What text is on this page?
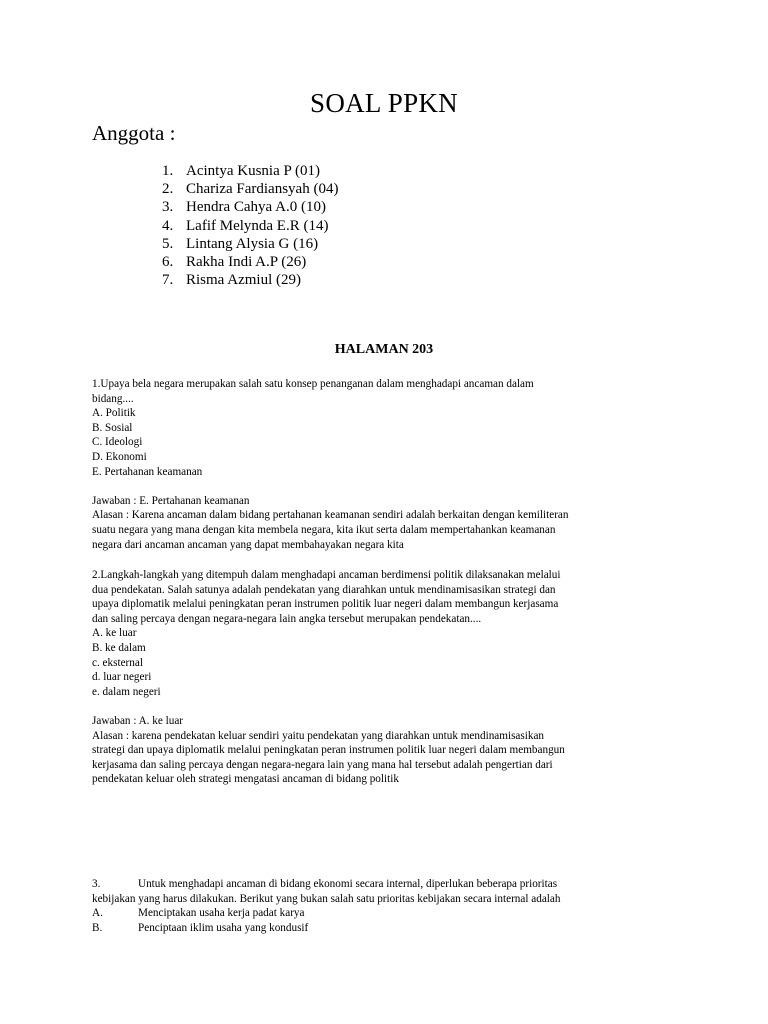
SOAL PPKN
Anggota :
1. Acintya Kusnia P (01)
2. Chariza Fardiansyah (04)
3. Hendra Cahya A.0 (10)
4. Lafif Melynda E.R (14)
5. Lintang Alysia G (16)
6. Rakha Indi A.P (26)
7. Risma Azmiul (29)
HALAMAN 203

1.Upaya bela negara merupakan salah satu konsep penanganan dalam menghadapi ancaman dalam

bidang....

A. Politik

B. Sosial

C. Ideologi

D. Ekonomi

E. Pertahanan keamanan

Jawaban : E. Pertahanan keamanan

Alasan : Karena ancaman dalam bidang pertahanan keamanan sendiri adalah berkaitan dengan kemiliteran

suatu negara yang mana dengan kita membela negara, kita ikut serta dalam mempertahankan keamanan

negara dari ancaman ancaman yang dapat membahayakan negara kita

2.Langkah-langkah yang ditempuh dalam menghadapi ancaman berdimensi politik dilaksanakan melalui

dua pendekatan. Salah satunya adalah pendekatan yang diarahkan untuk mendinamisasikan strategi dan

upaya diplomatik melalui peningkatan peran instrumen politik luar negeri dalam membangun kerjasama

dan saling percaya dengan negara-negara lain angka tersebut merupakan pendekatan....

A. ke luar

B. ke dalam

c. eksternal

d. luar negeri

e. dalam negeri

Jawaban : A. ke luar

Alasan : karena pendekatan keluar sendiri yaitu pendekatan yang diarahkan untuk mendinamisasikan

strategi dan upaya diplomatik melalui peningkatan peran instrumen politik luar negeri dalam membangun

kerjasama dan saling percaya dengan negara-negara lain yang mana hal tersebut adalah pengertian dari

pendekatan keluar oleh strategi mengatasi ancaman di bidang politik

3.	Untuk menghadapi ancaman di bidang ekonomi secara internal, diperlukan beberapa prioritas

kebijakan yang harus dilakukan. Berikut yang bukan salah satu prioritas kebijakan secara internal adalah

A.	Menciptakan usaha kerja padat karya

B.	Penciptaan iklim usaha yang kondusif
